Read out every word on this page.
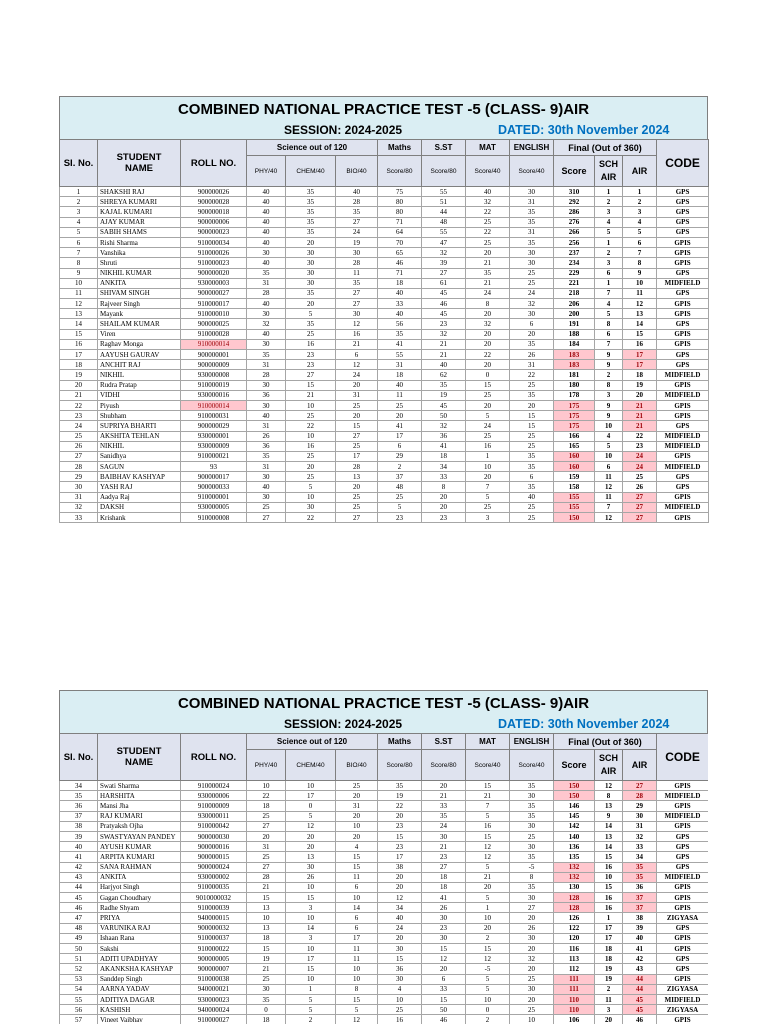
COMBINED NATIONAL PRACTICE TEST -5 (CLASS- 9)AIR
SESSION: 2024-2025	DATED: 30th November 2024
SI. No.	STUDENT NAME	ROLL NO.	Science out of 120			Maths	S.ST	MAT	ENGLISH	Final (Out of 360)			CODE
			PHY/40	CHEM/40	BIO/40	Score/80	Score/80	Score/40	Score/40	Score	SCH AIR	AIR	
1	SHAKSHI RAJ	900000026	40	35	40	75	55	40	30	310	1	1	GPS
2	SHREYA KUMARI	900000028	40	35	28	80	51	32	31	292	2	2	GPS
3	KAJAL KUMARI	900000018	40	35	35	80	44	22	35	286	3	3	GPS
4	AJAY KUMAR	900000006	40	35	27	71	48	25	35	276	4	4	GPS
5	SABIH SHAMS	900000023	40	35	24	64	55	22	31	266	5	5	GPS
6	Rishi Sharma	910000034	40	20	19	70	47	25	35	256	1	6	GPIS
7	Vanshika	910000026	30	30	30	65	32	20	30	237	2	7	GPIS
8	Shruti	910000023	40	30	28	46	39	21	30	234	3	8	GPIS
9	NIKHIL KUMAR	900000020	35	30	11	71	27	35	25	229	6	9	GPS
10	ANKITA	930000003	31	30	35	18	61	21	25	221	1	10	MIDFIELD
11	SHIVAM SINGH	900000027	28	35	27	40	45	24	24	218	7	11	GPS
12	Rajveer Singh	910000017	40	20	27	33	46	8	32	206	4	12	GPIS
13	Mayank	910000010	30	5	30	40	45	20	30	200	5	13	GPIS
14	SHAILAM KUMAR	900000025	32	35	12	56	23	32	6	191	8	14	GPS
15	Viren	910000028	40	25	16	35	32	20	20	188	6	15	GPIS
16	Raghav Monga	910000014	30	16	21	41	21	20	35	184	7	16	GPIS
17	AAYUSH GAURAV	900000001	35	23	6	55	21	22	26	183	9	17	GPS
18	ANCHIT RAJ	900000009	31	23	12	31	40	20	31	183	9	17	GPS
19	NIKHIL	930000008	28	27	24	18	62	0	22	181	2	18	MIDFIELD
20	Rudra Pratap	910000019	30	15	20	40	35	15	25	180	8	19	GPIS
21	VIDHI	930000016	36	21	31	11	19	25	35	178	3	20	MIDFIELD
22	Piyush	910000014	30	10	25	25	45	20	20	175	9	21	GPIS
23	Shubham	910000031	40	25	20	20	50	5	15	175	9	21	GPIS
24	SUPRIYA BHARTI	900000029	31	22	15	41	32	24	15	175	10	21	GPS
25	AKSHITA TEHLAN	930000001	26	10	27	17	36	25	25	166	4	22	MIDFIELD
26	NIKHIL	930000009	36	16	25	6	41	16	25	165	5	23	MIDFIELD
27	Sanidhya	910000021	35	25	17	29	18	1	35	160	10	24	GPIS
28	SAGUN	93	31	20	28	2	34	10	35	160	6	24	MIDFIELD
29	BAIBHAV KASHYAP	900000017	30	25	13	37	33	20	6	159	11	25	GPS
30	YASH RAJ	900000033	40	5	20	48	8	7	35	158	12	26	GPS
31	Aadya Raj	910000001	30	10	25	25	20	5	40	155	11	27	GPIS
32	DAKSH	930000005	25	30	25	5	20	25	25	155	7	27	MIDFIELD
33	Krishank	910000008	27	22	27	23	23	3	25	150	12	27	GPIS
COMBINED NATIONAL PRACTICE TEST -5 (CLASS- 9)AIR
SESSION: 2024-2025	DATED: 30th November 2024
SI. No.	STUDENT NAME	ROLL NO.	Science out of 120			Maths	S.ST	MAT	ENGLISH	Final (Out of 360)			CODE
			PHY/40	CHEM/40	BIO/40	Score/80	Score/80	Score/40	Score/40	Score	SCH AIR	AIR	
34	Swati Sharma	910000024	10	10	25	35	20	15	35	150	12	27	GPIS
35	HARSHITA	930000006	22	17	20	19	21	21	30	150	8	28	MIDFIELD
36	Mansi Jha	910000009	18	0	31	22	33	7	35	146	13	29	GPIS
37	RAJ KUMARI	930000011	25	5	20	20	35	5	35	145	9	30	MIDFIELD
38	Pratyaksh Ojha	910000042	27	12	10	23	24	16	30	142	14	31	GPIS
39	SWASTYAYAN PANDEY	900000030	20	20	20	15	30	15	25	140	13	32	GPS
40	AYUSH KUMAR	900000016	31	20	4	23	21	12	30	136	14	33	GPS
41	ARPITA KUMARI	900000015	25	13	15	17	23	12	35	135	15	34	GPS
42	SANA RAHMAN	900000024	27	30	15	38	27	5	-5	132	16	35	GPS
43	ANKITA	930000002	28	26	11	20	18	21	8	132	10	35	MIDFIELD
44	Harjyot Singh	910000035	21	10	6	20	18	20	35	130	15	36	GPIS
45	Gagan Choudhary	9010000032	15	15	10	12	41	5	30	128	16	37	GPIS
46	Radhe Shyam	910000039	13	3	14	34	26	1	27	128	16	37	GPIS
47	PRIYA	940000015	10	10	6	40	30	10	20	126	1	38	ZIGYASA
48	VARUNIKA RAJ	900000032	13	14	6	24	23	20	26	122	17	39	GPS
49	Ishaan Rana	910000037	18	3	17	20	30	2	30	120	17	40	GPIS
50	Sakshi	910000022	15	10	11	30	15	15	20	116	18	41	GPIS
51	ADITI UPADHYAY	900000005	19	17	11	15	12	12	32	113	18	42	GPS
52	AKANKSHA KASHYAP	900000007	21	15	10	36	20	-5	20	112	19	43	GPS
53	Sanddep Singh	910000038	25	10	10	30	6	5	25	111	19	44	GPIS
54	AARNA YADAV	940000021	30	1	8	4	33	5	30	111	2	44	ZIGYASA
55	ADITIYA DAGAR	930000023	35	5	15	10	15	10	20	110	11	45	MIDFIELD
56	KASHISH	940000024	0	5	5	25	50	0	25	110	3	45	ZIGYASA
57	Vineet Vaibhav	910000027	18	2	12	16	46	2	10	106	20	46	GPIS
